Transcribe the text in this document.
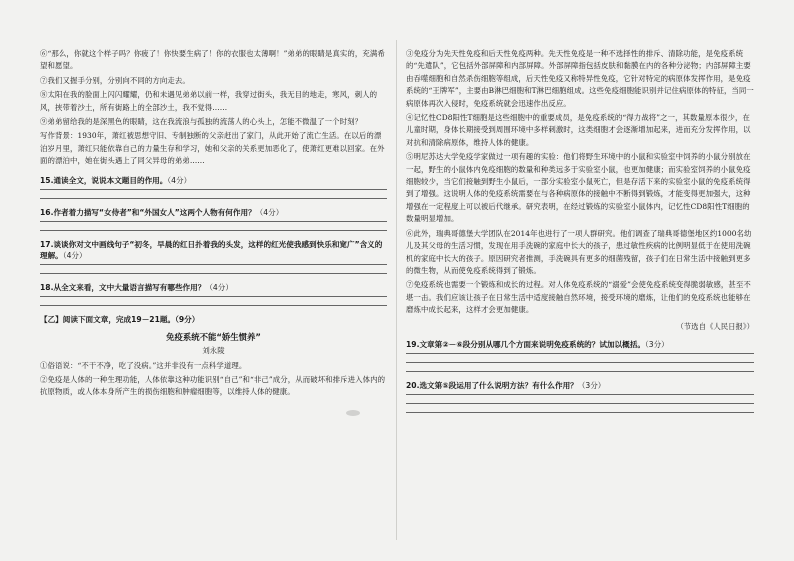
⑥“那么，你就这个样子吗？你疲了！你快要生病了！你的衣服也太薄啊！”弟弟的眼睛是真实的，充满希望和愿望。

⑦我们又握手分别，分别向不同的方向走去。

⑧太阳在我的脸面上闪闪耀耀，仍和未遇见弟弟以前一样，我穿过街头，我无目的地走，寒风，刺人的风，挟带着沙土，所有街路上的全部沙土，我不觉得……

⑨弟弟留给我的是深黑色的眼睛，这在我流浪与孤独的流荡人的心头上，怎能不微温了一个时刻？

写作背景：1930年，萧红被思想守旧、专制独断的父亲赶出了家门，从此开始了流亡生活。在以后的漂泊岁月里，萧红只能依靠自己的力量生存和学习，她和父亲的关系更加恶化了，使萧红更难以回家。在外面的漂泊中，她在街头遇上了同父异母的弟弟……

15.通读全文，说说本文题目的作用。（4分）
16.作者着力描写“女侍者”和“外国女人”这两个人物有何作用？（4分）
17.谈谈你对文中画线句子“初冬，早晨的红日扑着我的头发，这样的红光使我感到快乐和宽广”含义的理解。（4分）
18.从全文来看，文中大量语言描写有哪些作用？（4分）
【乙】阅读下面文章，完成19－21题。（9分）
免疫系统不能“娇生惯养”
刘永陵

①俗语说：“不干不净，吃了没病。”这并非没有一点科学道理。

②免疫是人体的一种生理功能，人体依靠这种功能识别“自己”和“非己”成分，从而破坏和排斥进入体内的抗原物质，或人体本身所产生的损伤细胞和肿瘤细胞等，以维持人体的健康。

③免疫分为先天性免疫和后天性免疫两种。先天性免疫是一种不选择性的排斥、清除功能，是免疫系统的“先遣队”，它包括外部屏障和内部屏障。外部屏障指包括皮肤和黏膜在内的各种分泌物；内部屏障主要由吞噬细胞和自然杀伤细胞等组成，后天性免疫又称特异性免疫，它针对特定的病原体发挥作用，是免疫系统的“王牌军”，主要由B淋巴细胞和T淋巴细胞组成。这些免疫细胞能识别并记住病原体的特征，当同一病原体再次入侵时，免疫系统就会迅速作出反应。

④记忆性CD8阳性T细胞是这些细胞中的重要成员，是免疫系统的“得力战将”之一，其数量原本很少，在儿童时期，身体长期接受到周围环境中多样刺激时，这类细胞才会逐渐增加起来，进而充分发挥作用，以对抗和清除病原体，维持人体的健康。

⑤明尼苏达大学免疫学家做过一项有趣的实验：他们将野生环境中的小鼠和实验室中饲养的小鼠分别放在一起，野生的小鼠体内免疫细胞的数量和种类远多于实验室小鼠，也更加健康；而实验室饲养的小鼠免疫细胞较少，当它们接触到野生小鼠后，一部分实验室小鼠死亡，但是存活下来的实验室小鼠的免疫系统得到了增强。这说明人体的免疫系统需要在与各种病原体的接触中不断得到锻炼，才能变得更加强大，这种增强在一定程度上可以被后代继承。研究表明，在经过锻炼的实验室小鼠体内，记忆性CD8阳性T细胞的数量明显增加。

⑥此外，瑞典哥德堡大学团队在2014年也进行了一项人群研究。他们调查了瑞典哥德堡地区约1000名幼儿及其父母的生活习惯，发现在用手洗碗的家庭中长大的孩子，患过敏性疾病的比例明显低于在使用洗碗机的家庭中长大的孩子。原因研究者推测，手洗碗具有更多的细菌残留，孩子们在日常生活中接触到更多的微生物，从而使免疫系统得到了锻炼。

⑦免疫系统也需要一个锻炼和成长的过程。对人体免疫系统的“溺爱”会使免疫系统变得脆弱敏感，甚至不堪一击。我们应该让孩子在日常生活中适度接触自然环境，接受环境的磨炼，让他们的免疫系统也能够在磨炼中成长起来，这样才会更加健康。

（节选自《人民日报》）
19.文章第②－⑥段分别从哪几个方面来说明免疫系统的？试加以概括。（3分）
20.选文第⑤段运用了什么说明方法？有什么作用？（3分）
